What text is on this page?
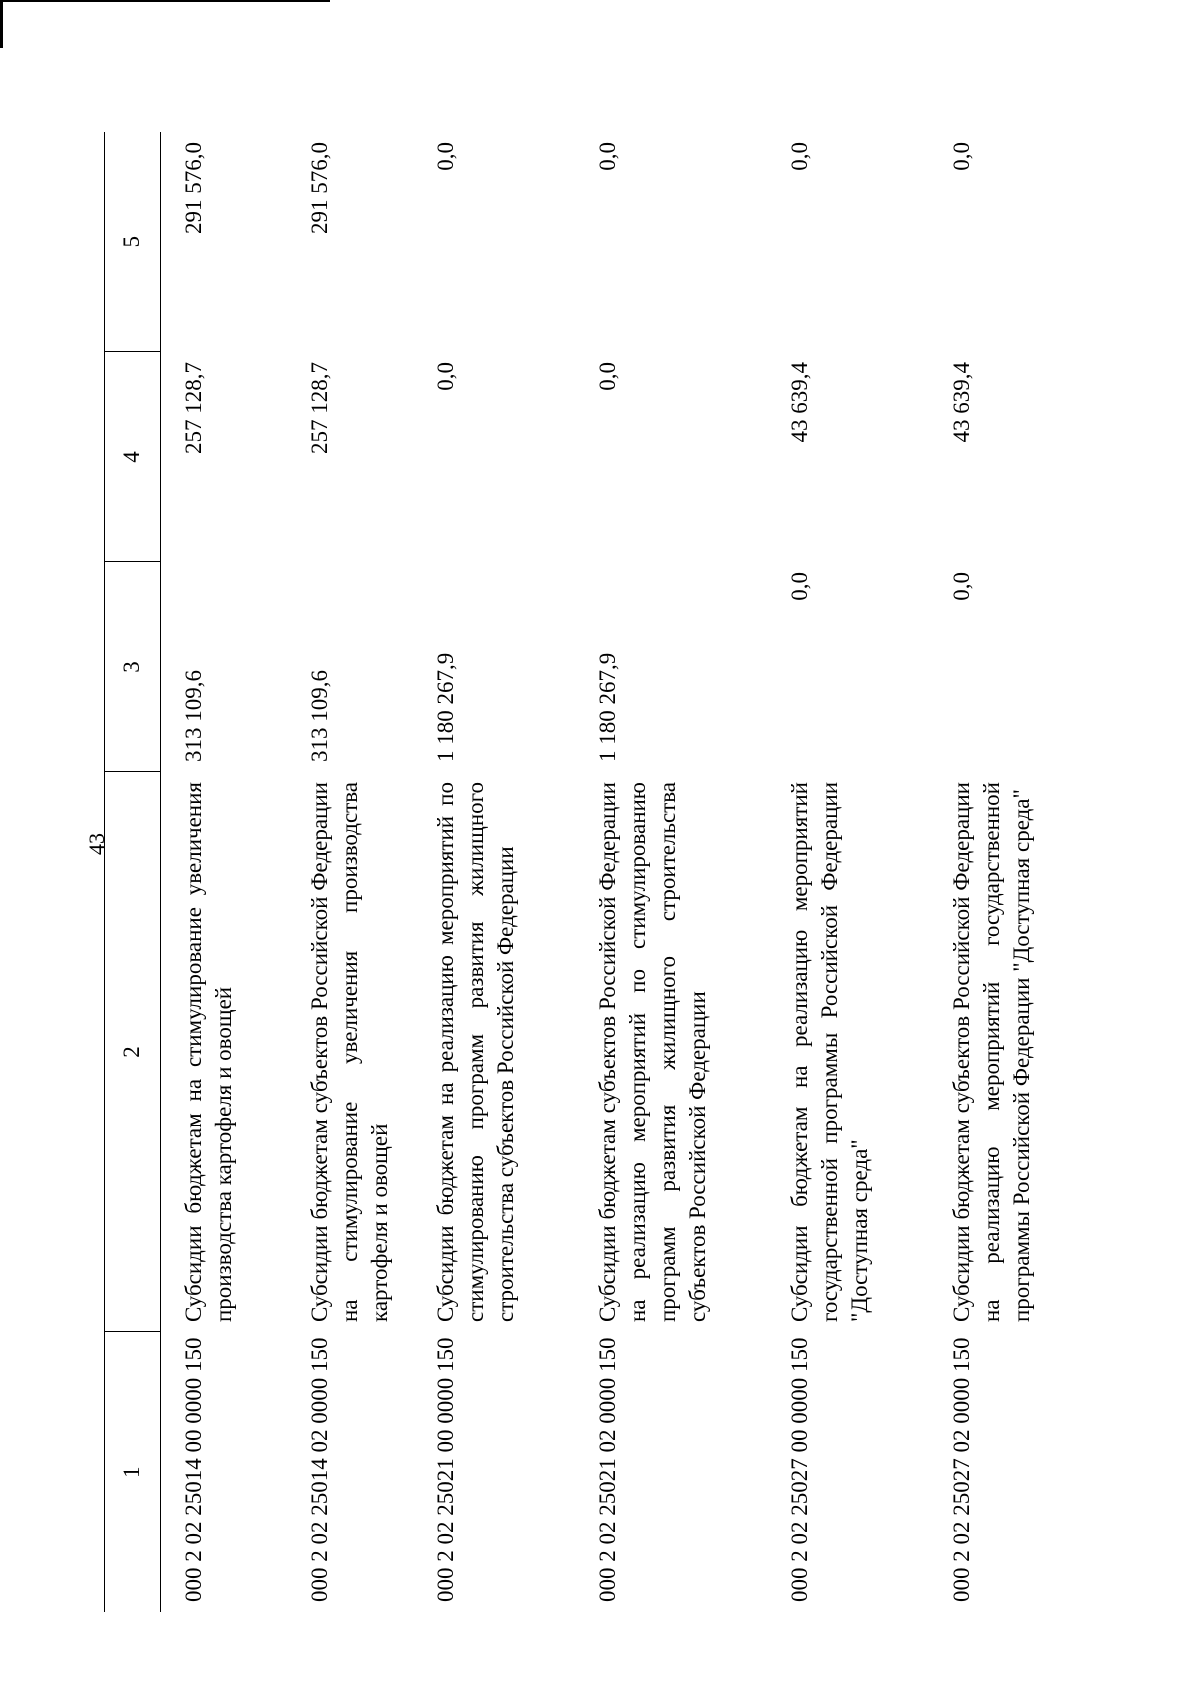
43
1	2	3	4	5
000 2 02 25014 00 0000 150	Субсидии бюджетам на стимулирование увеличения производства картофеля и овощей	313 109,6	257 128,7	291 576,0
000 2 02 25014 02 0000 150	Субсидии бюджетам субъектов Российской Федерации на стимулирование увеличения производства картофеля и овощей	313 109,6	257 128,7	291 576,0
000 2 02 25021 00 0000 150	Субсидии бюджетам на реализацию мероприятий по стимулированию программ развития жилищного строительства субъектов Российской Федерации	1 180 267,9	0,0	0,0
000 2 02 25021 02 0000 150	Субсидии бюджетам субъектов Российской Федерации на реализацию мероприятий по стимулированию программ развития жилищного строительства субъектов Российской Федерации	1 180 267,9	0,0	0,0
000 2 02 25027 00 0000 150	Субсидии бюджетам на реализацию мероприятий государственной программы Российской Федерации "Доступная среда"	0,0	43 639,4	0,0
000 2 02 25027 02 0000 150	Субсидии бюджетам субъектов Российской Федерации на реализацию мероприятий государственной программы Российской Федерации "Доступная среда"	0,0	43 639,4	0,0
